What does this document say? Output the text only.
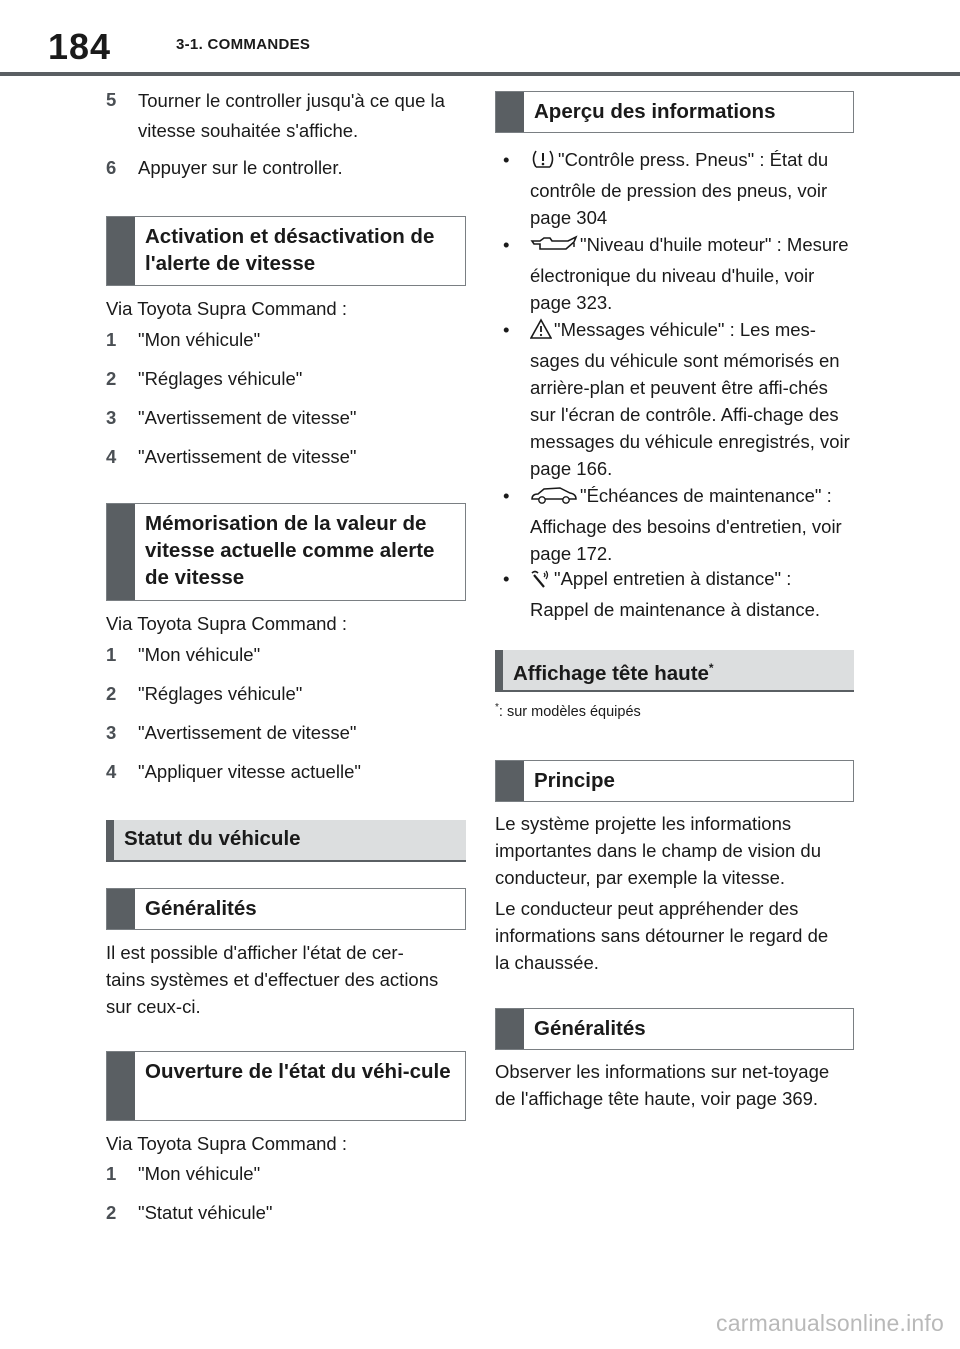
184	3-1. COMMANDES
5	Tourner le controller jusqu'à ce que la vitesse souhaitée s'affiche.
6	Appuyer sur le controller.
Activation et désactivation de l'alerte de vitesse
Via Toyota Supra Command :
1	"Mon véhicule"
2	"Réglages véhicule"
3	"Avertissement de vitesse"
4	"Avertissement de vitesse"
Mémorisation de la valeur de vitesse actuelle comme alerte de vitesse
Via Toyota Supra Command :
1	"Mon véhicule"
2	"Réglages véhicule"
3	"Avertissement de vitesse"
4	"Appliquer vitesse actuelle"
Statut du véhicule
Généralités
Il est possible d'afficher l'état de cer-tains systèmes et d'effectuer des actions sur ceux-ci.
Ouverture de l'état du véhi-cule
Via Toyota Supra Command :
1	"Mon véhicule"
2	"Statut véhicule"
Aperçu des informations
•	"Contrôle press. Pneus" : État du contrôle de pression des pneus, voir page 304
•	"Niveau d'huile moteur" : Mesure électronique du niveau d'huile, voir page 323.
•	"Messages véhicule" : Les mes-sages du véhicule sont mémorisés en arrière-plan et peuvent être affi-chés sur l'écran de contrôle. Affi-chage des messages du véhicule enregistrés, voir page 166.
•	"Échéances de maintenance" : Affichage des besoins d'entretien, voir page 172.
•	"Appel entretien à distance" : Rappel de maintenance à distance.
Affichage tête haute*
*: sur modèles équipés
Principe
Le système projette les informations importantes dans le champ de vision du conducteur, par exemple la vitesse.
Le conducteur peut appréhender des informations sans détourner le regard de la chaussée.
Généralités
Observer les informations sur net-toyage de l'affichage tête haute, voir page 369.
carmanualsonline.info
